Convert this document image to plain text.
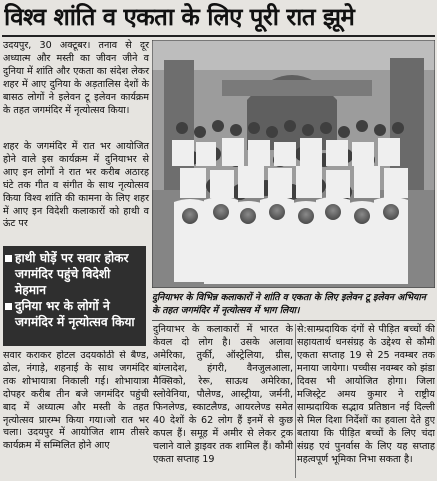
विश्व शांति व एकता के लिए पूरी रात झूमे

उदयपुर, 30 अक्टूबर। तनाव से दूर अध्यात्म और मस्ती का जीवन जीने व दुनिया में शांति और एकता का संदेश लेकर शहर में आए दुनिया के अड़तालिस देशों के बासठ लोगों ने इलेवन टू इलेवन कार्यक्रम के तहत जगमंदिर में नृत्योत्सव किया।

शहर के जगमंदिर में रात भर आयोजित होने वाले इस कार्यक्रम में दुनियाभर से आए इन लोगों ने रात भर करीब अठारह घंटे तक गीत व संगीत के साथ नृत्योत्सव किया विश्व शांति की कामना के लिए शहर में आए इन विदेशी कलाकारों को हाथी व ऊंट पर

हाथी घोड़ें पर सवार होकर जगमंदिर पहुंचे विदेशी मेहमान
दुनिया भर के लोगों ने जगमंदिर में नृत्योत्सव किया

सवार कराकर होटल उदयकोठी से बैण्ड, ढोल, नंगाड़े, शहनाई के साथ जगमंदिर तक शोभायात्रा निकाली गई। शोभायात्रा दोपहर करीब तीन बजे जगमंदिर पहुंची बाद में अध्यात्म और मस्ती के तहत नृत्योत्सव प्रारम्भ किया गया।जो रात भर चला। उदयपुर में आयोजित शाम तीसरे कार्यक्रम में सम्मिलित होने आए

दुनियाभर के विभिन्न कलाकारों ने शांति व एकता के लिए इलेवन टू इलेवन अभियान के तहत जगमंदिर में नृत्योत्सव में भाग लिया।

दुनियाभर के कलाकारों में भारत के केवल दो लोग है। उसके अलावा अमेरिका, तुर्की, ऑस्ट्रेलिया, ग्रीस, बांग्लादेश, हंगरी, वैनजुलआला, मैक्सिको, रेरू, साऊथ अमेरिका, स्लोवेनिया, पौलेण्ड, आस्ट्रीया, जर्मनी, फिनलेण्ड, स्काटलैण्ड, आयरलेण्ड समेत 40 देशों के 62 लोग हैं इनमें से कुछ कपल हैं। समूह में अमीर से लेकर ट्रक चलाने वाले ड्राइवर तक शामिल हैं। कौमी एकता सप्ताह 19

से:साम्प्रदायिक दंगों से पीड़ित बच्चों की सहायतार्थ धनसंग्रह के उद्देश्य से कौमी एकता सप्ताह 19 से 25 नवम्बर तक मनाया जायेगा। पच्चीस नवम्बर को झंडा दिवस भी आयोजित होगा। जिला मजिस्ट्रेट अमय कुमार ने राष्ट्रीय साम्प्रदायिक सद्भाव प्रतिष्ठान नई दिल्ली से मिल दिशा निर्देशों का हवाला देते हुए बताया कि पीड़ित बच्चों के लिए चंदा संग्रह एवं पुनर्वास के लिए यह सप्ताह महत्वपूर्ण भूमिका निभा सकता है।
